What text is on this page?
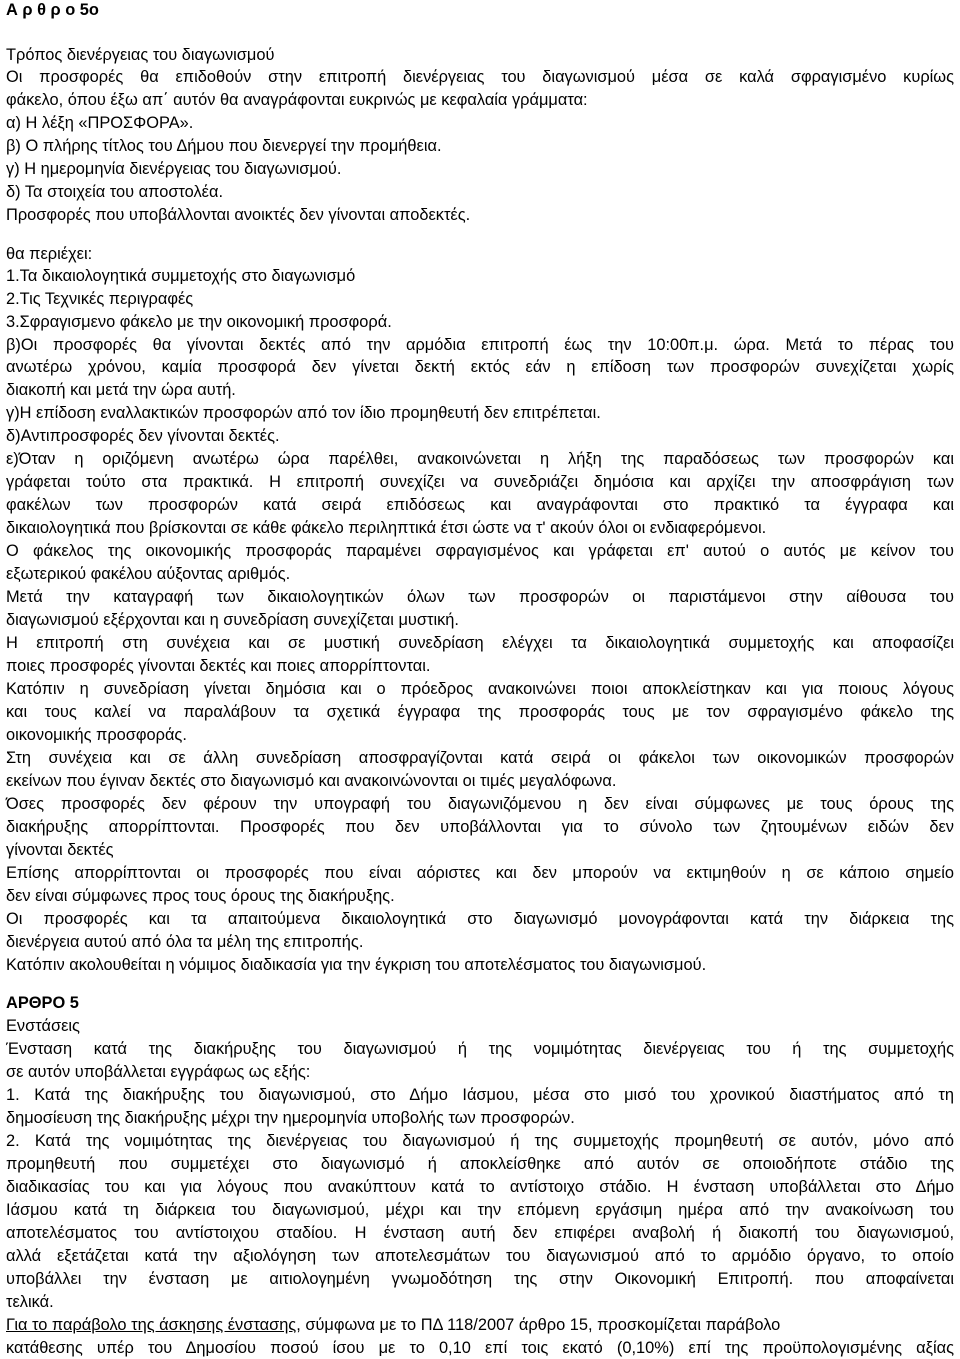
Α ρ θ ρ ο 5ο
Τρόπος διενέργειας του διαγωνισμού
Οι προσφορές θα επιδοθούν στην επιτροπή διενέργειας του διαγωνισμού μέσα σε καλά σφραγισμένο κυρίως
φάκελο, όπου έξω απ΄ αυτόν θα αναγράφονται ευκρινώς με κεφαλαία γράμματα:
α) Η λέξη «ΠΡΟΣΦΟΡΑ».
β) Ο πλήρης τίτλος του Δήμου που διενεργεί την προμήθεια.
γ) Η ημερομηνία διενέργειας του διαγωνισμού.
δ) Τα στοιχεία του αποστολέα.
Προσφορές που υποβάλλονται ανοικτές δεν γίνονται αποδεκτές.
θα περιέχει:
1.Τα δικαιολογητικά συμμετοχής στο διαγωνισμό
2.Τις Τεχνικές περιγραφές
3.Σφραγισμενο φάκελο με την οικονομική προσφορά.
β)Οι προσφορές θα γίνονται δεκτές από την αρμόδια επιτροπή έως την 10:00π.μ. ώρα. Μετά το πέρας του
ανωτέρω χρόνου, καμία προσφορά δεν γίνεται δεκτή εκτός εάν η επίδοση των προσφορών συνεχίζεται χωρίς
διακοπή και μετά την ώρα αυτή.
γ)Η επίδοση εναλλακτικών προσφορών από τον ίδιο προμηθευτή δεν επιτρέπεται.
δ)Αντιπροσφορές δεν γίνονται δεκτές.
ε)Όταν η οριζόμενη ανωτέρω ώρα παρέλθει, ανακοινώνεται η λήξη της παραδόσεως των προσφορών και
γράφεται τούτο στα πρακτικά. Η επιτροπή συνεχίζει να συνεδριάζει δημόσια και αρχίζει την αποσφράγιση των
φακέλων των προσφορών κατά σειρά επιδόσεως και αναγράφονται στο πρακτικό τα έγγραφα και
δικαιολογητικά που βρίσκονται σε κάθε φάκελο περιληπτικά έτσι ώστε να τ' ακούν όλοι οι ενδιαφερόμενοι.
Ο φάκελος της οικονομικής προσφοράς παραμένει σφραγισμένος και γράφεται επ' αυτού ο αυτός με κείνον του
εξωτερικού φακέλου αύξοντας αριθμός.
Μετά την καταγραφή των δικαιολογητικών όλων των προσφορών οι παριστάμενοι στην αίθουσα του
διαγωνισμού εξέρχονται και η συνεδρίαση συνεχίζεται μυστική.
Η επιτροπή στη συνέχεια και σε μυστική συνεδρίαση ελέγχει τα δικαιολογητικά συμμετοχής και αποφασίζει
ποιες προσφορές γίνονται δεκτές και ποιες απορρίπτονται.
Κατόπιν η συνεδρίαση γίνεται δημόσια και ο πρόεδρος ανακοινώνει ποιοι αποκλείστηκαν και για ποιους λόγους
και τους καλεί να παραλάβουν τα σχετικά έγγραφα της προσφοράς τους με τον σφραγισμένο φάκελο της
οικονομικής προσφοράς.
Στη συνέχεια και σε άλλη συνεδρίαση αποσφραγίζονται κατά σειρά οι φάκελοι των οικονομικών προσφορών
εκείνων που έγιναν δεκτές στο διαγωνισμό και ανακοινώνονται οι τιμές μεγαλόφωνα.
Όσες προσφορές δεν φέρουν την υπογραφή του διαγωνιζόμενου η δεν είναι σύμφωνες με τους όρους της
διακήρυξης απορρίπτονται. Προσφορές που δεν υποβάλλονται για το σύνολο των ζητουμένων ειδών δεν
γίνονται δεκτές
Επίσης απορρίπτονται οι προσφορές που είναι αόριστες και δεν μπορούν να εκτιμηθούν η σε κάποιο σημείο
δεν είναι σύμφωνες προς τους όρους της διακήρυξης.
Οι προσφορές και τα απαιτούμενα δικαιολογητικά στο διαγωνισμό μονογράφονται κατά την διάρκεια της
διενέργεια αυτού από όλα τα μέλη της επιτροπής.
Κατόπιν ακολουθείται η νόμιμος διαδικασία για την έγκριση του αποτελέσματος του διαγωνισμού.
ΑΡΘΡΟ 5
Ενστάσεις
Ένσταση κατά της διακήρυξης του διαγωνισμού ή της νομιμότητας διενέργειας του ή της συμμετοχής
σε αυτόν υποβάλλεται εγγράφως ως εξής:
1. Κατά της διακήρυξης του διαγωνισμού, στο Δήμο Ιάσμου, μέσα στο μισό του χρονικού διαστήματος από τη
δημοσίευση της διακήρυξης μέχρι την ημερομηνία υποβολής των προσφορών.
2. Κατά της νομιμότητας της διενέργειας του διαγωνισμού ή της συμμετοχής προμηθευτή σε αυτόν, μόνο από
προμηθευτή που συμμετέχει στο διαγωνισμό ή αποκλείσθηκε από αυτόν σε οποιοδήποτε στάδιο της
διαδικασίας του και για λόγους που ανακύπτουν κατά το αντίστοιχο στάδιο. Η ένσταση υποβάλλεται στο Δήμο
Ιάσμου κατά τη διάρκεια του διαγωνισμού, μέχρι και την επόμενη εργάσιμη ημέρα από την ανακοίνωση του
αποτελέσματος του αντίστοιχου σταδίου. Η ένσταση αυτή δεν επιφέρει αναβολή ή διακοπή του διαγωνισμού,
αλλά εξετάζεται κατά την αξιολόγηση των αποτελεσμάτων του διαγωνισμού από το αρμόδιο όργανο, το οποίο
υποβάλλει την ένσταση με αιτιολογημένη γνωμοδότηση της στην Οικονομική Επιτροπή. που αποφαίνεται
τελικά.
Για το παράβολο της άσκησης ένστασης, σύμφωνα με το ΠΔ 118/2007 άρθρο 15, προσκομίζεται παράβολο
κατάθεσης υπέρ του Δημοσίου ποσού ίσου με το 0,10 επί τοις εκατό (0,10%) επί της προϋπολογισμένης αξίας
